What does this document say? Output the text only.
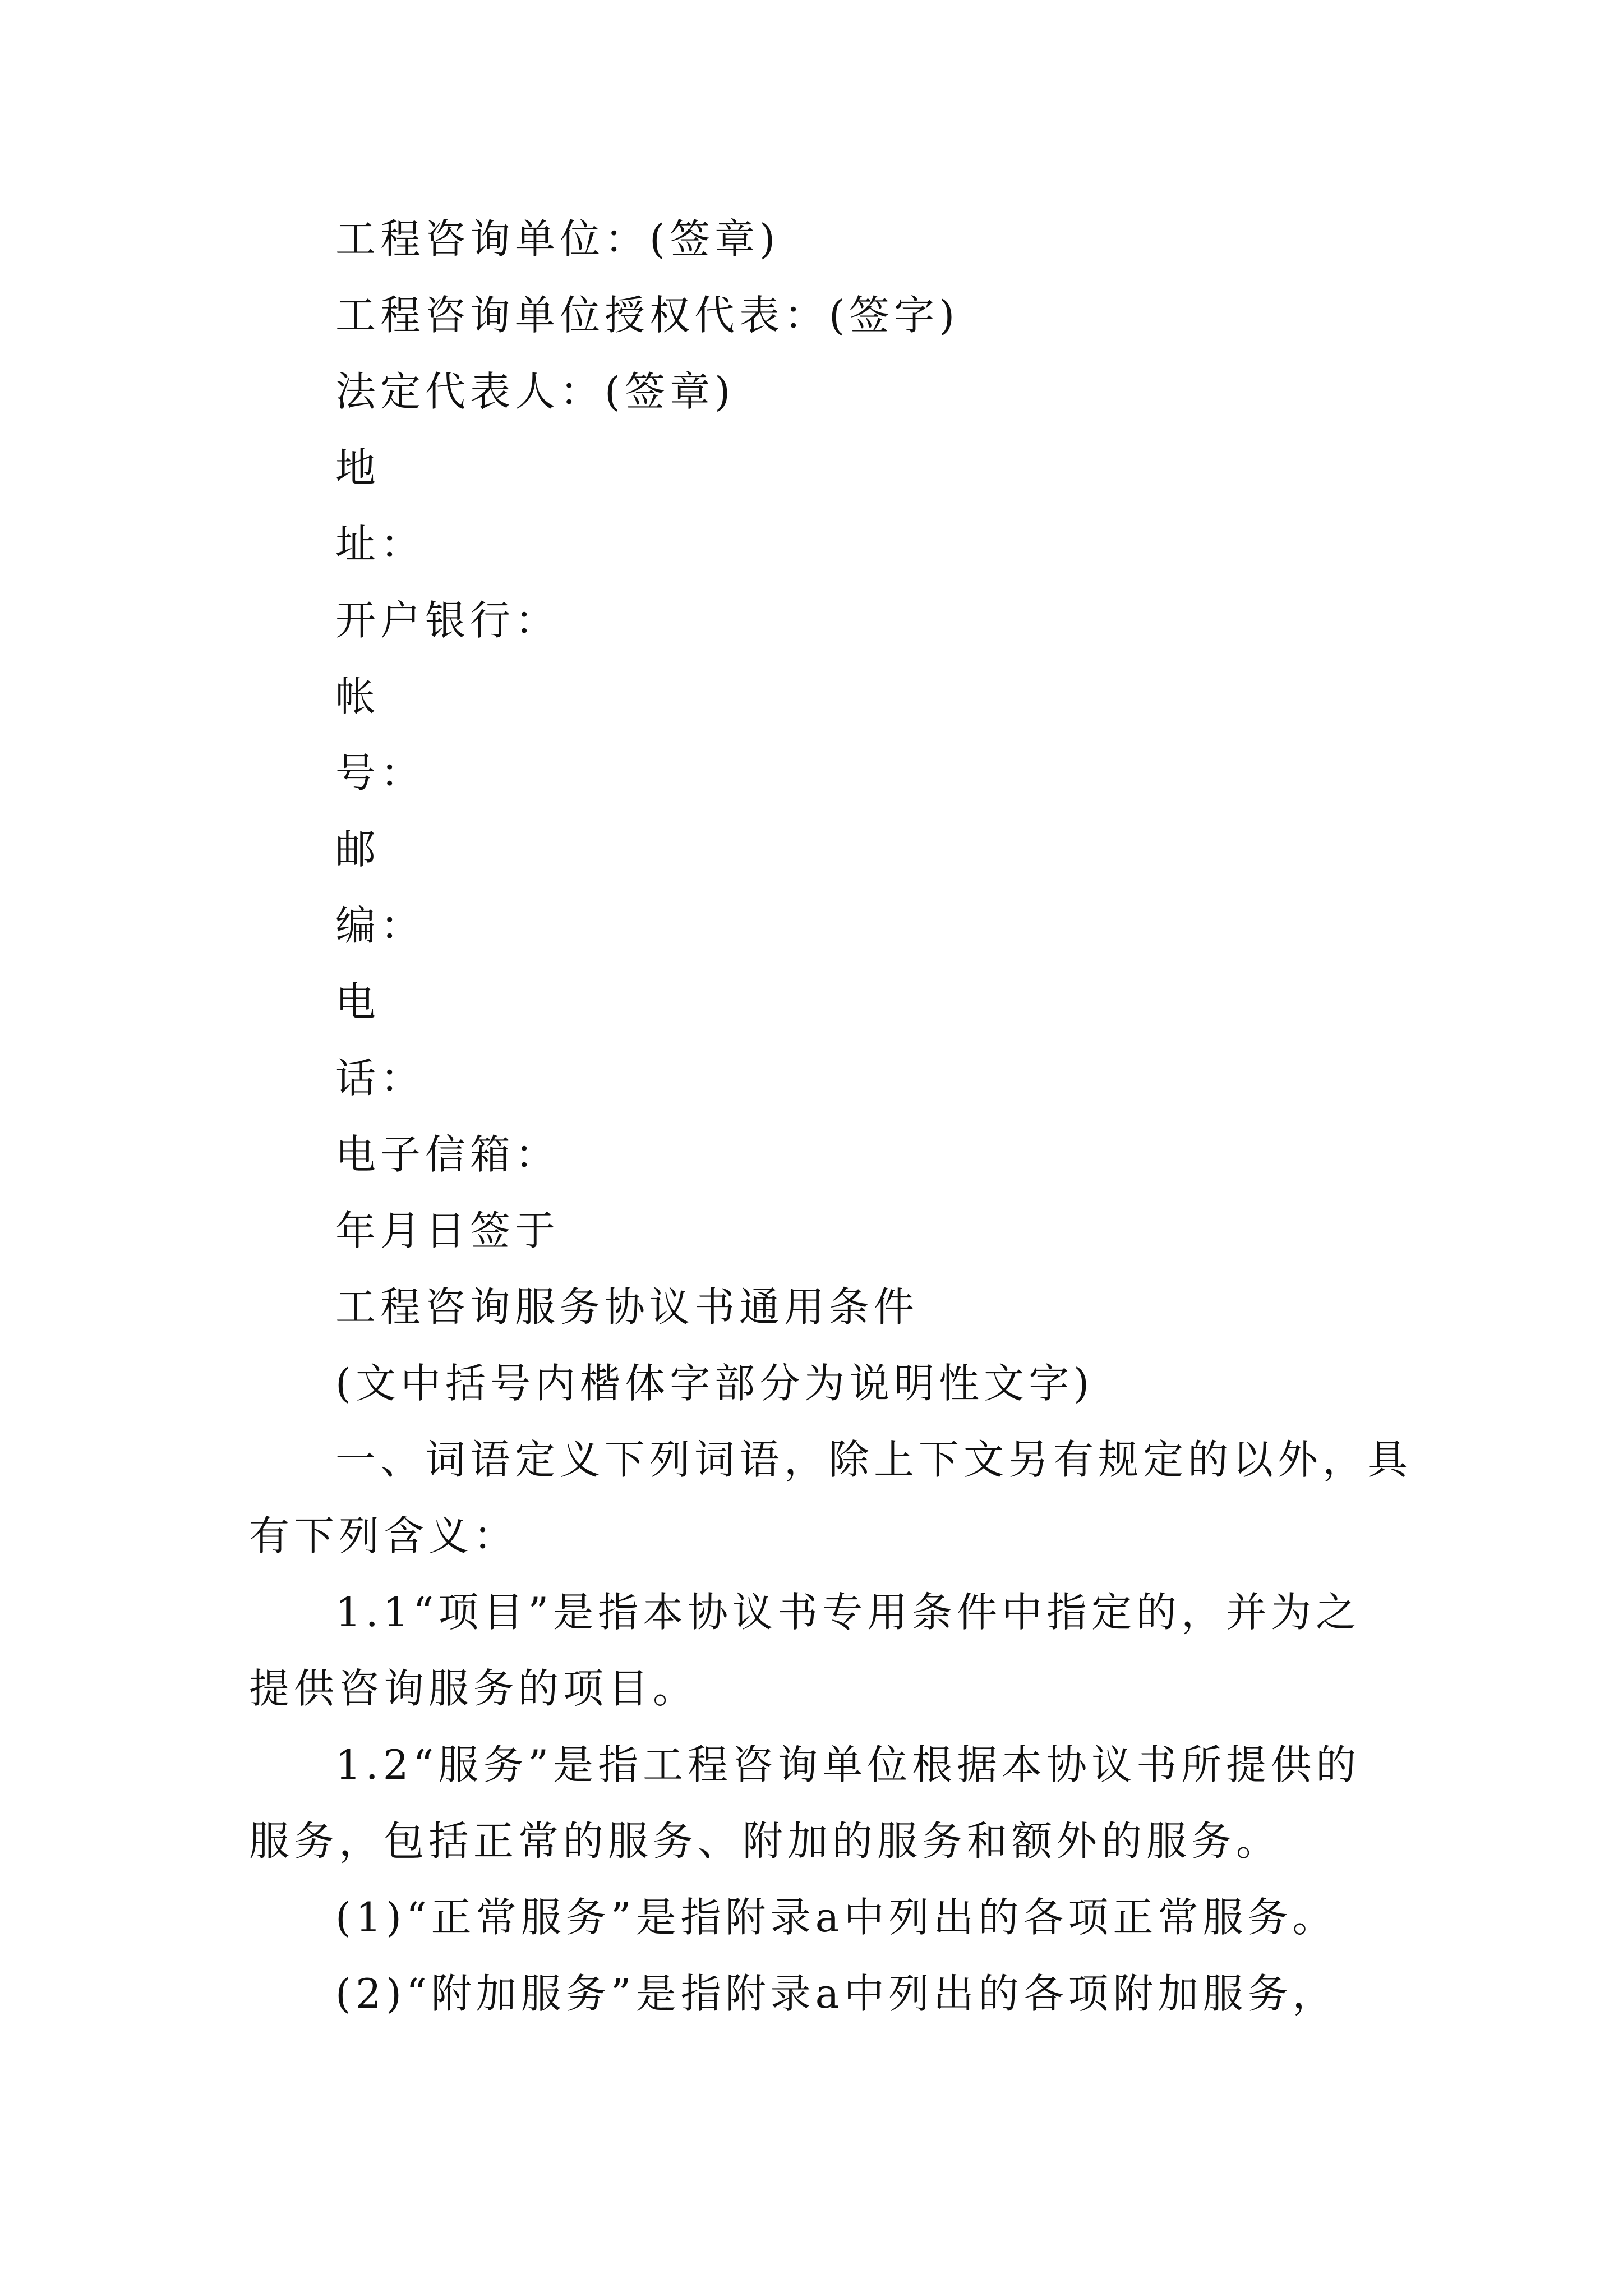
工程咨询单位：(签章)
工程咨询单位授权代表：(签字)
法定代表人：(签章)
地
址：
开户银行：
帐
号：
邮
编：
电
话：
电子信箱：
年月日签于
工程咨询服务协议书通用条件
(文中括号内楷体字部分为说明性文字)
一、词语定义下列词语，除上下文另有规定的以外，具
有下列含义：
1.1“项目”是指本协议书专用条件中指定的，并为之
提供咨询服务的项目。
1.2“服务”是指工程咨询单位根据本协议书所提供的
服务，包括正常的服务、附加的服务和额外的服务。
(1)“正常服务”是指附录a中列出的各项正常服务。
(2)“附加服务”是指附录a中列出的各项附加服务，
